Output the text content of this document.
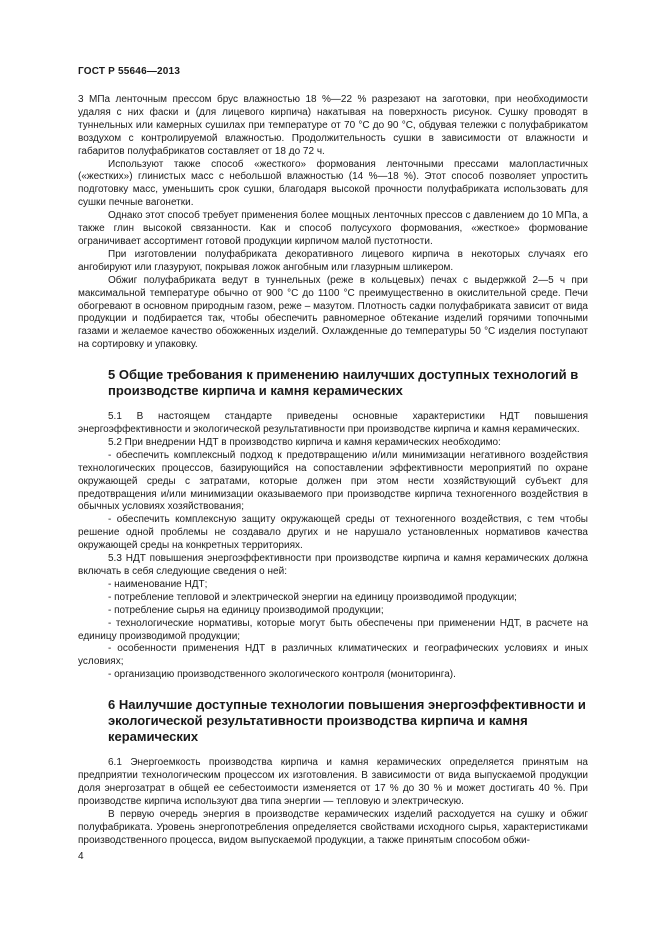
ГОСТ Р 55646—2013

3 МПа ленточным прессом брус влажностью 18 %—22 % разрезают на заготовки, при необходимости удаляя с них фаски и (для лицевого кирпича) накатывая на поверхность рисунок. Сушку проводят в туннельных или камерных сушилах при температуре от 70 °С до 90 °С, обдувая тележки с полуфабрикатом воздухом с контролируемой влажностью. Продолжительность сушки в зависимости от влажности и габаритов полуфабрикатов составляет от 18 до 72 ч.

Используют также способ «жесткого» формования ленточными прессами малопластичных («жестких») глинистых масс с небольшой влажностью (14 %—18 %). Этот способ позволяет упростить подготовку масс, уменьшить срок сушки, благодаря высокой прочности полуфабриката использовать для сушки печные вагонетки.

Однако этот способ требует применения более мощных ленточных прессов с давлением до 10 МПа, а также глин высокой связанности. Как и способ полусухого формования, «жесткое» формование ограничивает ассортимент готовой продукции кирпичом малой пустотности.

При изготовлении полуфабриката декоративного лицевого кирпича в некоторых случаях его ангобируют или глазуруют, покрывая ложок ангобным или глазурным шликером.

Обжиг полуфабриката ведут в туннельных (реже в кольцевых) печах с выдержкой 2—5 ч при максимальной температуре обычно от 900 °С до 1100 °С преимущественно в окислительной среде. Печи обогревают в основном природным газом, реже – мазутом. Плотность садки полуфабриката зависит от вида продукции и подбирается так, чтобы обеспечить равномерное обтекание изделий горячими топочными газами и желаемое качество обожженных изделий. Охлажденные до температуры 50 °С изделия поступают на сортировку и упаковку.

5 Общие требования к применению наилучших доступных технологий в производстве кирпича и камня керамических

5.1 В настоящем стандарте приведены основные характеристики НДТ повышения энергоэффективности и экологической результативности при производстве кирпича и камня керамических.

5.2 При внедрении НДТ в производство кирпича и камня керамических необходимо:

- обеспечить комплексный подход к предотвращению и/или минимизации негативного воздействия технологических процессов, базирующийся на сопоставлении эффективности мероприятий по охране окружающей среды с затратами, которые должен при этом нести хозяйствующий субъект для предотвращения и/или минимизации оказываемого при производстве кирпича техногенного воздействия в обычных условиях хозяйствования;

- обеспечить комплексную защиту окружающей среды от техногенного воздействия, с тем чтобы решение одной проблемы не создавало других и не нарушало установленных нормативов качества окружающей среды на конкретных территориях.

5.3 НДТ повышения энергоэффективности при производстве кирпича и камня керамических должна включать в себя следующие сведения о ней:

- наименование НДТ;

- потребление тепловой и электрической энергии на единицу производимой продукции;

- потребление сырья на единицу производимой продукции;

- технологические нормативы, которые могут быть обеспечены при применении НДТ, в расчете на единицу производимой продукции;

- особенности применения НДТ в различных климатических и географических условиях и иных условиях;

- организацию производственного экологического контроля (мониторинга).

6 Наилучшие доступные технологии повышения энергоэффективности и экологической результативности производства кирпича и камня керамических

6.1 Энергоемкость производства кирпича и камня керамических определяется принятым на предприятии технологическим процессом их изготовления. В зависимости от вида выпускаемой продукции доля энергозатрат в общей ее себестоимости изменяется от 17 % до 30 % и может достигать 40 %. При производстве кирпича используют два типа энергии — тепловую и электрическую.

В первую очередь энергия в производстве керамических изделий расходуется на сушку и обжиг полуфабриката. Уровень энергопотребления определяется свойствами исходного сырья, характеристиками производственного процесса, видом выпускаемой продукции, а также принятым способом обжи-

4
